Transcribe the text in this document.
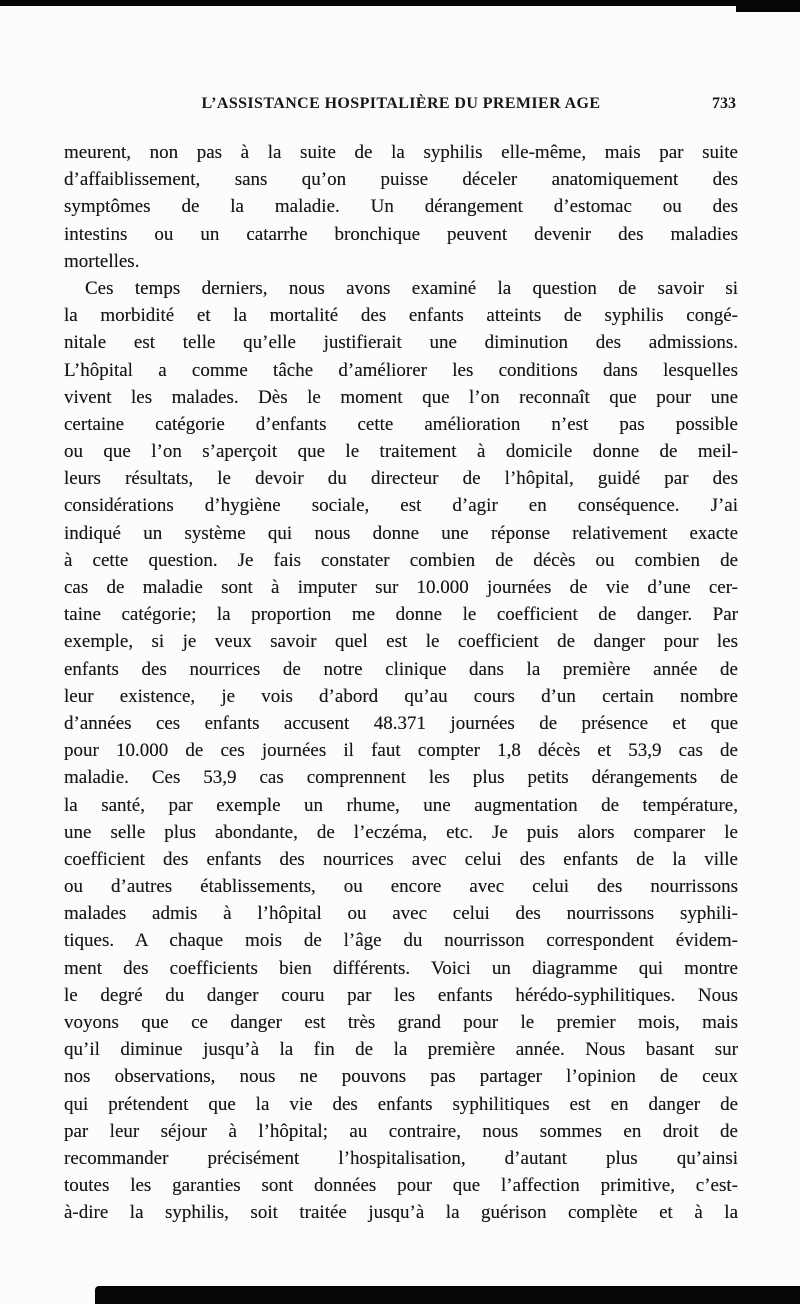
L’ASSISTANCE HOSPITALIÈRE DU PREMIER AGE	733
meurent, non pas à la suite de la syphilis elle-même, mais par suite
d’affaiblissement, sans qu’on puisse déceler anatomiquement des
symptômes de la maladie. Un dérangement d’estomac ou des
intestins ou un catarrhe bronchique peuvent devenir des maladies
mortelles.
Ces temps derniers, nous avons examiné la question de savoir si
la morbidité et la mortalité des enfants atteints de syphilis congé-
nitale est telle qu’elle justifierait une diminution des admissions.
L’hôpital a comme tâche d’améliorer les conditions dans lesquelles
vivent les malades. Dès le moment que l’on reconnaît que pour une
certaine catégorie d’enfants cette amélioration n’est pas possible
ou que l’on s’aperçoit que le traitement à domicile donne de meil-
leurs résultats, le devoir du directeur de l’hôpital, guidé par des
considérations d’hygiène sociale, est d’agir en conséquence. J’ai
indiqué un système qui nous donne une réponse relativement exacte
à cette question. Je fais constater combien de décès ou combien de
cas de maladie sont à imputer sur 10.000 journées de vie d’une cer-
taine catégorie; la proportion me donne le coefficient de danger. Par
exemple, si je veux savoir quel est le coefficient de danger pour les
enfants des nourrices de notre clinique dans la première année de
leur existence, je vois d’abord qu’au cours d’un certain nombre
d’années ces enfants accusent 48.371 journées de présence et que
pour 10.000 de ces journées il faut compter 1,8 décès et 53,9 cas de
maladie. Ces 53,9 cas comprennent les plus petits dérangements de
la santé, par exemple un rhume, une augmentation de température,
une selle plus abondante, de l’eczéma, etc. Je puis alors comparer le
coefficient des enfants des nourrices avec celui des enfants de la ville
ou d’autres établissements, ou encore avec celui des nourrissons
malades admis à l’hôpital ou avec celui des nourrissons syphili-
tiques. A chaque mois de l’âge du nourrisson correspondent évidem-
ment des coefficients bien différents. Voici un diagramme qui montre
le degré du danger couru par les enfants hérédo-syphilitiques. Nous
voyons que ce danger est très grand pour le premier mois, mais
qu’il diminue jusqu’à la fin de la première année. Nous basant sur
nos observations, nous ne pouvons pas partager l’opinion de ceux
qui prétendent que la vie des enfants syphilitiques est en danger de
par leur séjour à l’hôpital; au contraire, nous sommes en droit de
recommander précisément l’hospitalisation, d’autant plus qu’ainsi
toutes les garanties sont données pour que l’affection primitive, c’est-
à-dire la syphilis, soit traitée jusqu’à la guérison complète et à la
